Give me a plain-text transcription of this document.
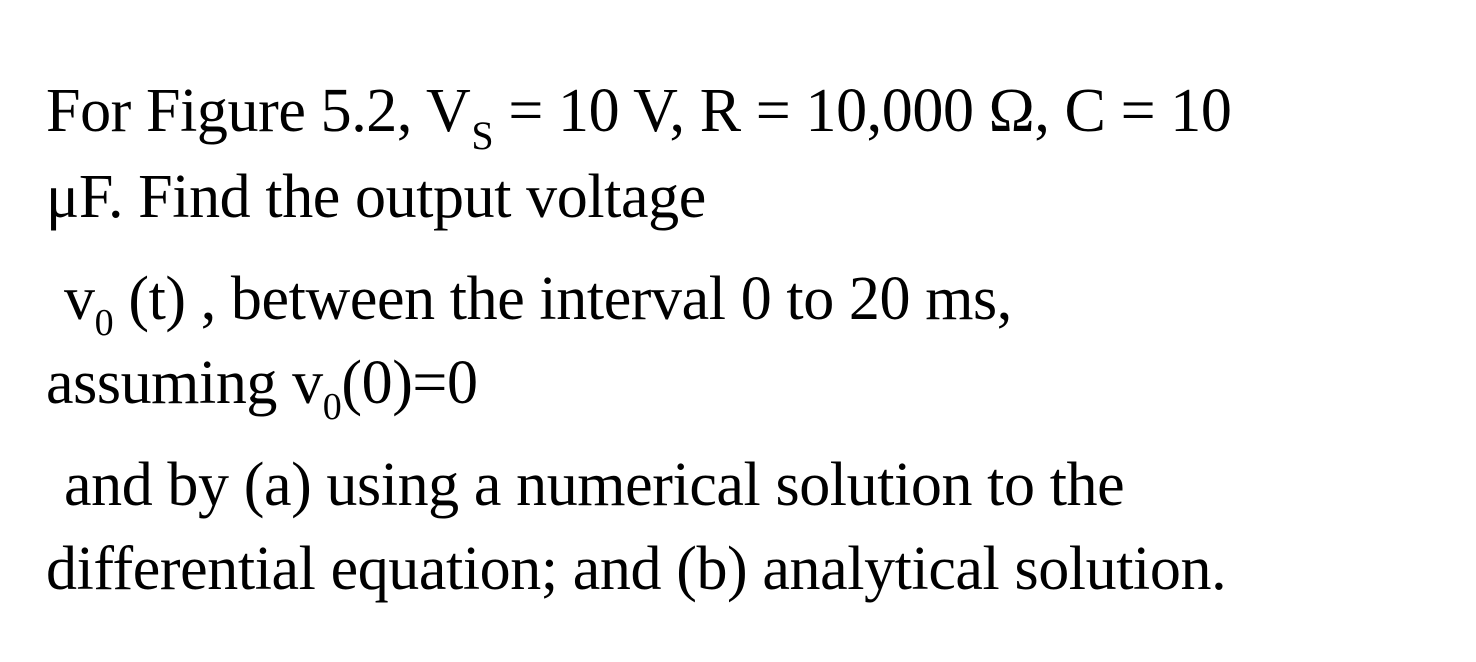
For Figure 5.2, $V_S = 10$ V, R = 10,000 Ω, C = 10
μF. Find the output voltage
$v_0$ (t) , between the interval 0 to 20 ms,
assuming $v_0(0)=0$
and by (a) using a numerical solution to the
differential equation; and (b) analytical solution.
